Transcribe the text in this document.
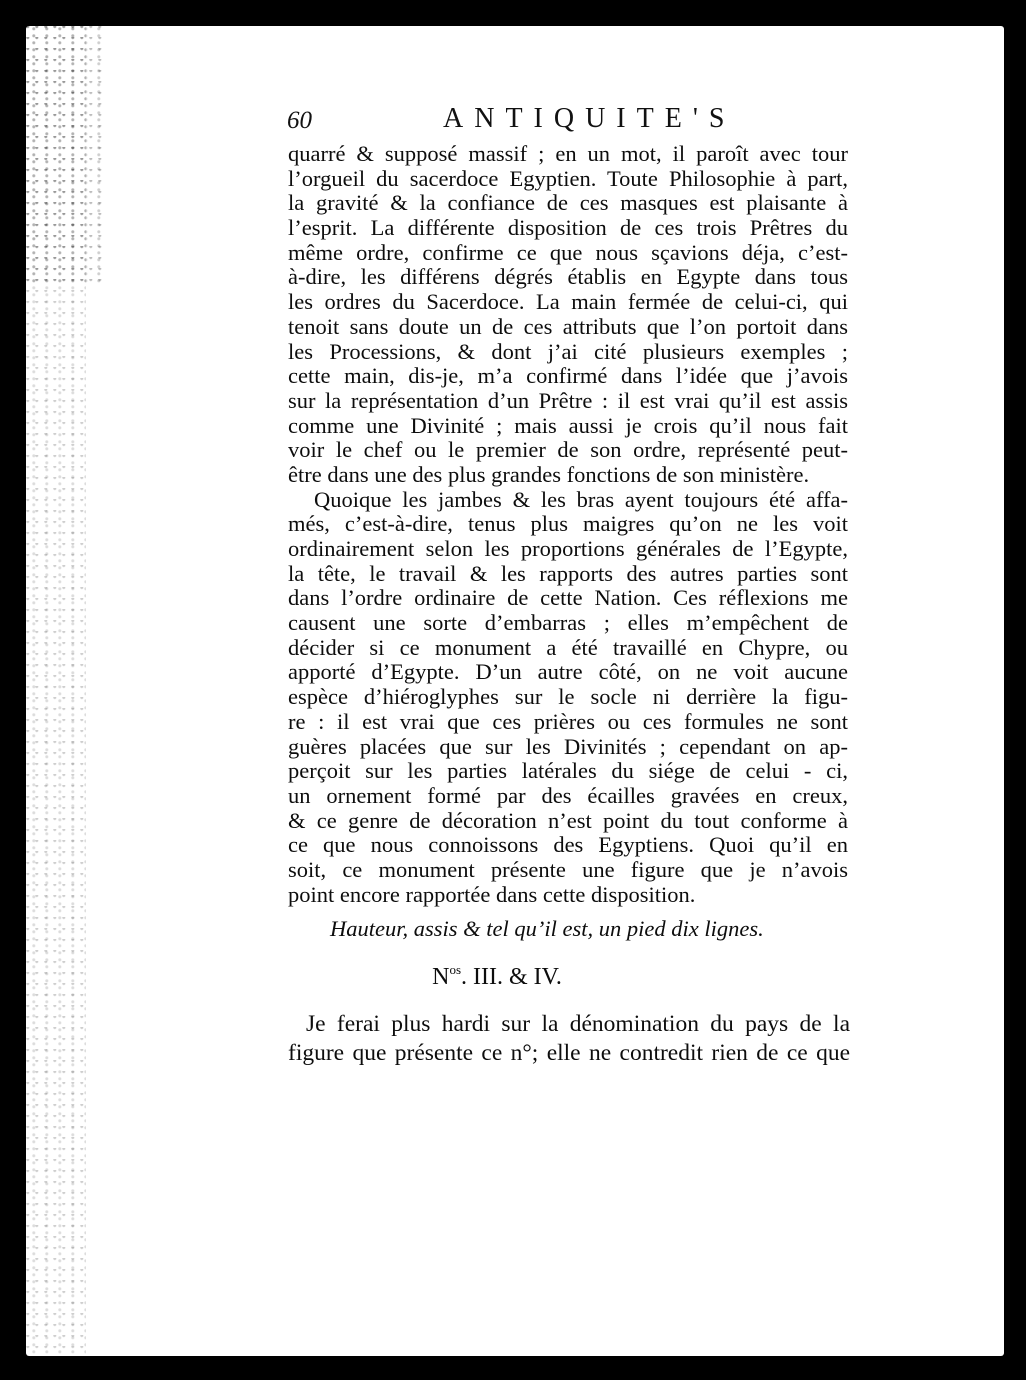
60	ANTIQUITE'S
quarré & supposé massif ; en un mot, il paroît avec tour
l’orgueil du sacerdoce Egyptien. Toute Philosophie à part,
la gravité & la confiance de ces masques est plaisante à
l’esprit. La différente disposition de ces trois Prêtres du
même ordre, confirme ce que nous sçavions déja, c’est-
à-dire, les différens dégrés établis en Egypte dans tous
les ordres du Sacerdoce. La main fermée de celui-ci, qui
tenoit sans doute un de ces attributs que l’on portoit dans
les Processions, & dont j’ai cité plusieurs exemples ;
cette main, dis-je, m’a confirmé dans l’idée que j’avois
sur la représentation d’un Prêtre : il est vrai qu’il est assis
comme une Divinité ; mais aussi je crois qu’il nous fait
voir le chef ou le premier de son ordre, représenté peut-
être dans une des plus grandes fonctions de son ministère.
Quoique les jambes & les bras ayent toujours été affa-
més, c’est-à-dire, tenus plus maigres qu’on ne les voit
ordinairement selon les proportions générales de l’Egypte,
la tête, le travail & les rapports des autres parties sont
dans l’ordre ordinaire de cette Nation. Ces réflexions me
causent une sorte d’embarras ; elles m’empêchent de
décider si ce monument a été travaillé en Chypre, ou
apporté d’Egypte. D’un autre côté, on ne voit aucune
espèce d’hiéroglyphes sur le socle ni derrière la figu-
re : il est vrai que ces prières ou ces formules ne sont
guères placées que sur les Divinités ; cependant on ap-
perçoit sur les parties latérales du siége de celui - ci,
un ornement formé par des écailles gravées en creux,
& ce genre de décoration n’est point du tout conforme à
ce que nous connoissons des Egyptiens. Quoi qu’il en
soit, ce monument présente une figure que je n’avois
point encore rapportée dans cette disposition.
Hauteur, assis & tel qu’il est, un pied dix lignes.
$N^{os}$. III. & IV.
Je ferai plus hardi sur la dénomination du pays de la
figure que présente ce n°; elle ne contredit rien de ce que
